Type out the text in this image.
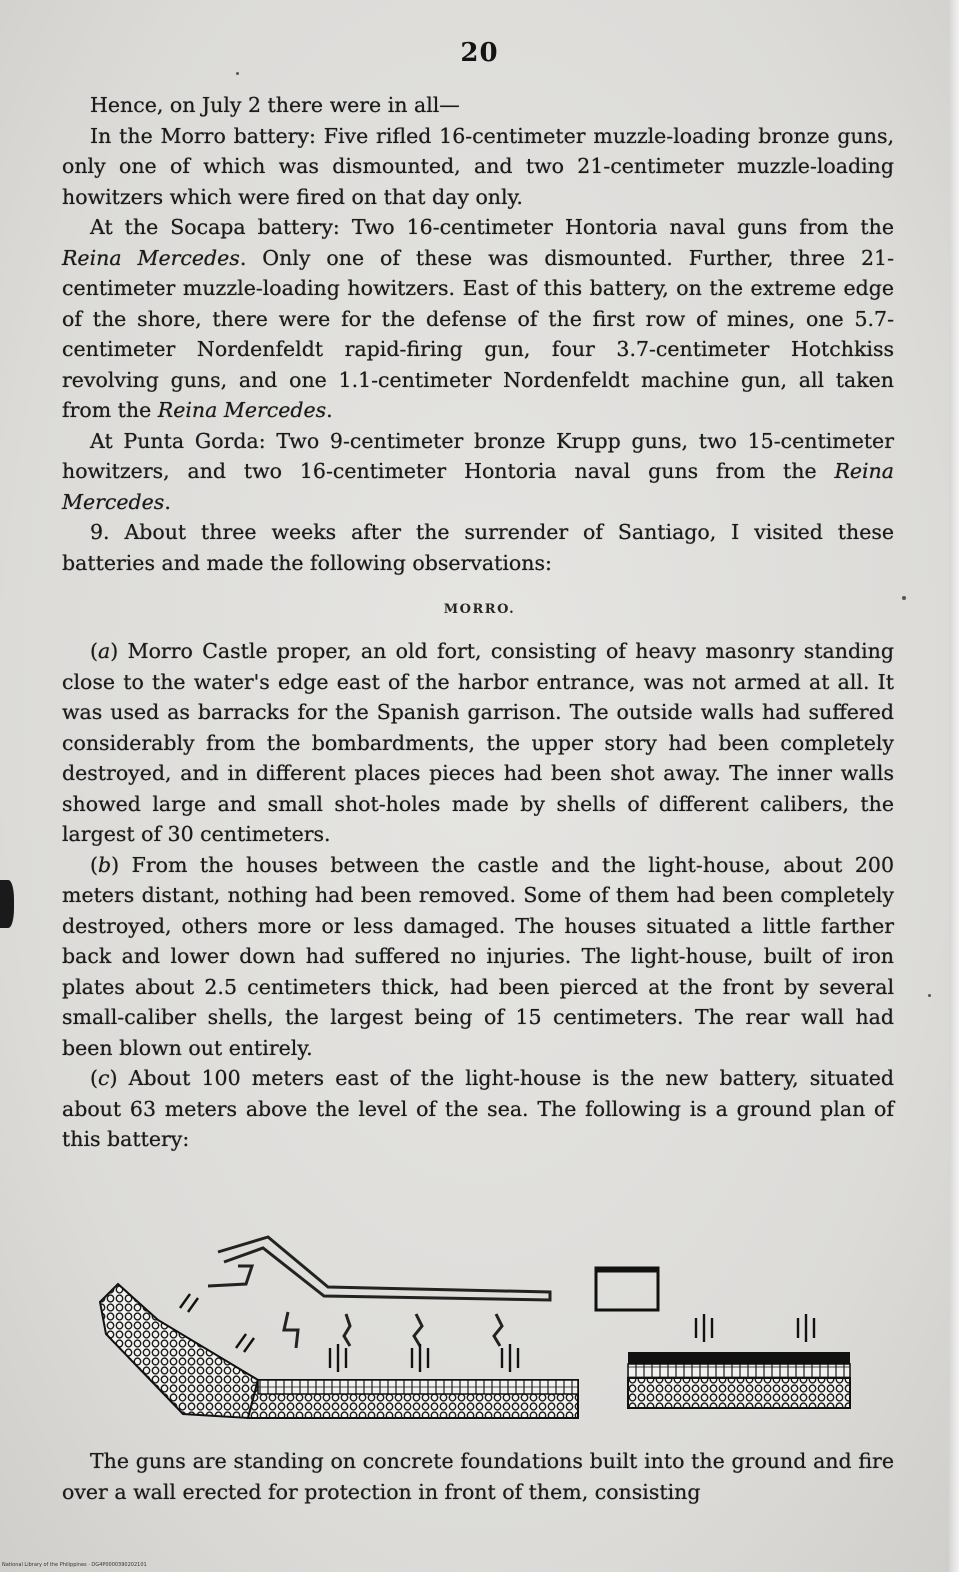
20

Hence, on July 2 there were in all—

In the Morro battery: Five rifled 16-centimeter muzzle-loading bronze guns, only one of which was dismounted, and two 21-centimeter muzzle-loading howitzers which were fired on that day only.

At the Socapa battery: Two 16-centimeter Hontoria naval guns from the Reina Mercedes. Only one of these was dismounted. Further, three 21-centimeter muzzle-loading howitzers. East of this battery, on the extreme edge of the shore, there were for the defense of the first row of mines, one 5.7-centimeter Nordenfeldt rapid-firing gun, four 3.7-centimeter Hotchkiss revolving guns, and one 1.1-centimeter Nordenfeldt machine gun, all taken from the Reina Mercedes.

At Punta Gorda: Two 9-centimeter bronze Krupp guns, two 15-centimeter howitzers, and two 16-centimeter Hontoria naval guns from the Reina Mercedes.

9. About three weeks after the surrender of Santiago, I visited these batteries and made the following observations:

MORRO.

(a) Morro Castle proper, an old fort, consisting of heavy masonry standing close to the water's edge east of the harbor entrance, was not armed at all. It was used as barracks for the Spanish garrison. The outside walls had suffered considerably from the bombardments, the upper story had been completely destroyed, and in different places pieces had been shot away. The inner walls showed large and small shot-holes made by shells of different calibers, the largest of 30 centimeters.

(b) From the houses between the castle and the light-house, about 200 meters distant, nothing had been removed. Some of them had been completely destroyed, others more or less damaged. The houses situated a little farther back and lower down had suffered no injuries. The light-house, built of iron plates about 2.5 centimeters thick, had been pierced at the front by several small-caliber shells, the largest being of 15 centimeters. The rear wall had been blown out entirely.

(c) About 100 meters east of the light-house is the new battery, situated about 63 meters above the level of the sea. The following is a ground plan of this battery:

The guns are standing on concrete foundations built into the ground and fire over a wall erected for protection in front of them, consisting

National Library of the Philippines · DG4P0000390202101
